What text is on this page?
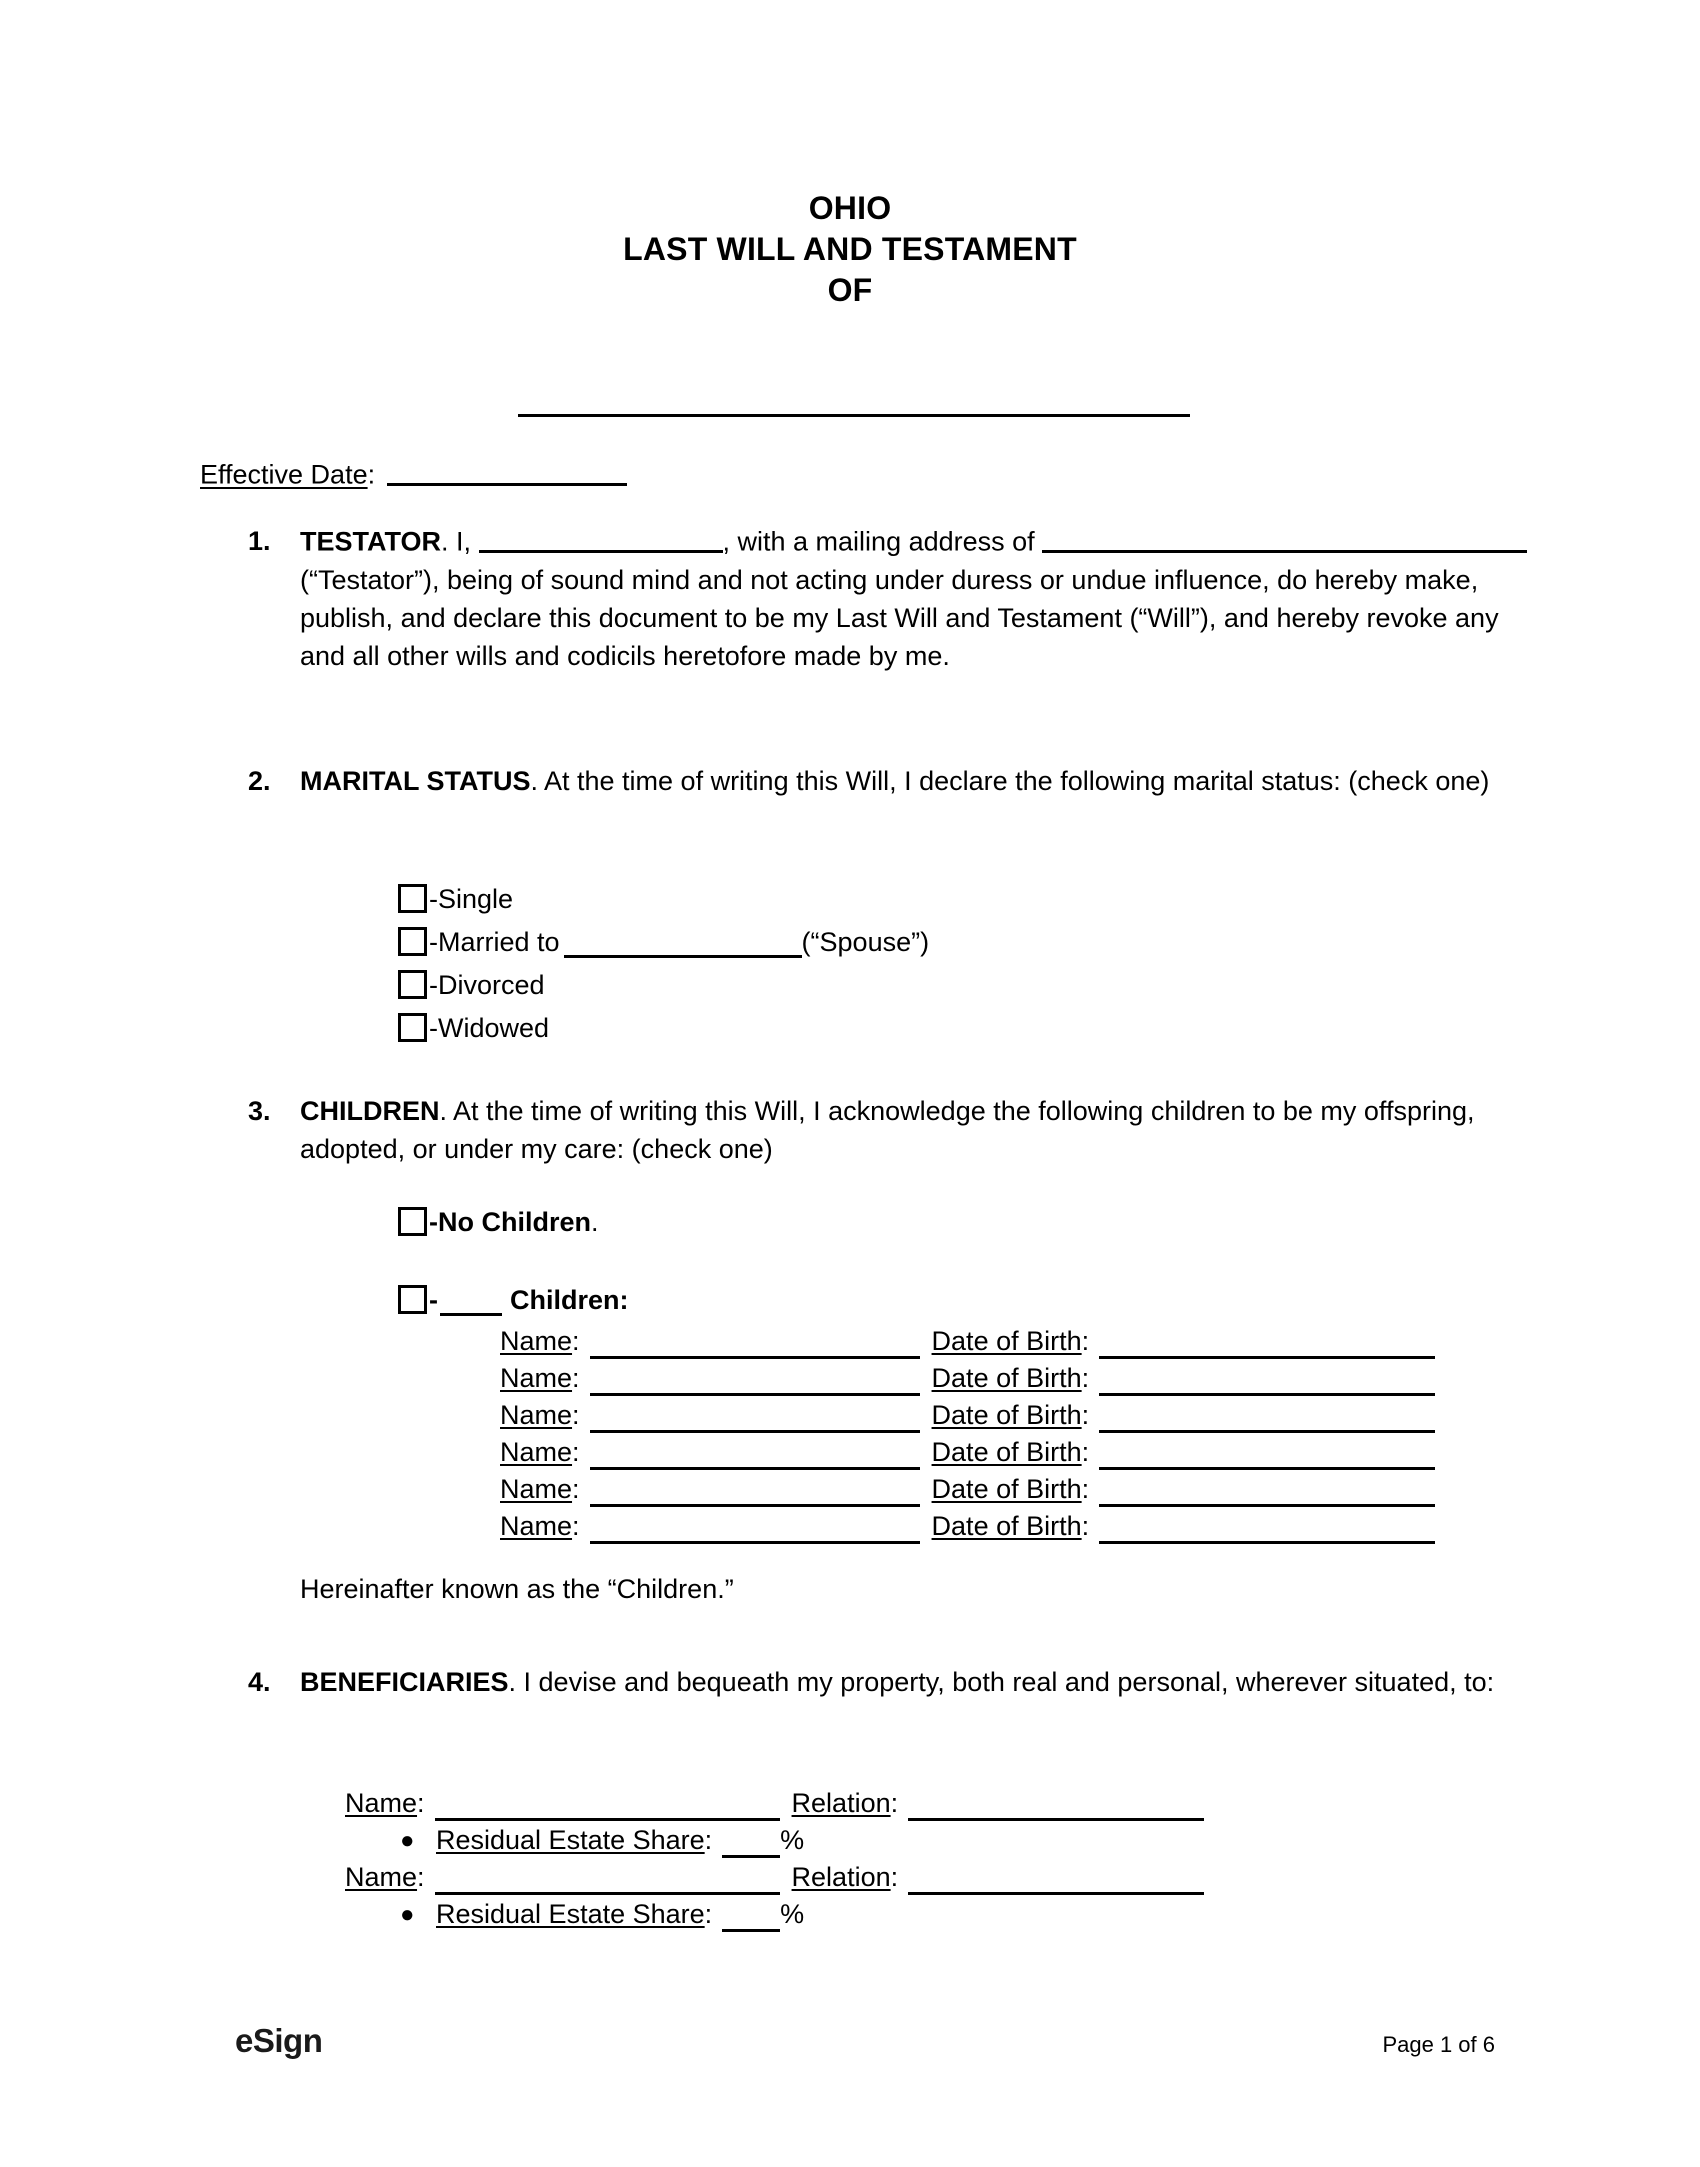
OHIO
LAST WILL AND TESTAMENT
OF
Effective Date:
1.	TESTATOR. I,	, with a mailing address of  (“Testator”), being of sound mind and not acting under duress or undue influence, do hereby make, publish, and declare this document to be my Last Will and Testament (“Will”), and hereby revoke any and all other wills and codicils heretofore made by me.
2.	MARITAL STATUS. At the time of writing this Will, I declare the following marital status: (check one)
- Single
- Married to	(“Spouse”)
- Divorced
- Widowed
3.	CHILDREN. At the time of writing this Will, I acknowledge the following children to be my offspring, adopted, or under my care: (check one)
- No Children .
-	Children :
Name :	Date of Birth :
Name :	Date of Birth :
Name :	Date of Birth :
Name :	Date of Birth :
Name :	Date of Birth :
Name :	Date of Birth :
Hereinafter known as the “Children.”
4.	BENEFICIARIES. I devise and bequeath my property, both real and personal, wherever situated, to:
Name :	Relation :
● Residual Estate Share :	%
Name :	Relation :
● Residual Estate Share :	%
eSign	Page 1 of 6
